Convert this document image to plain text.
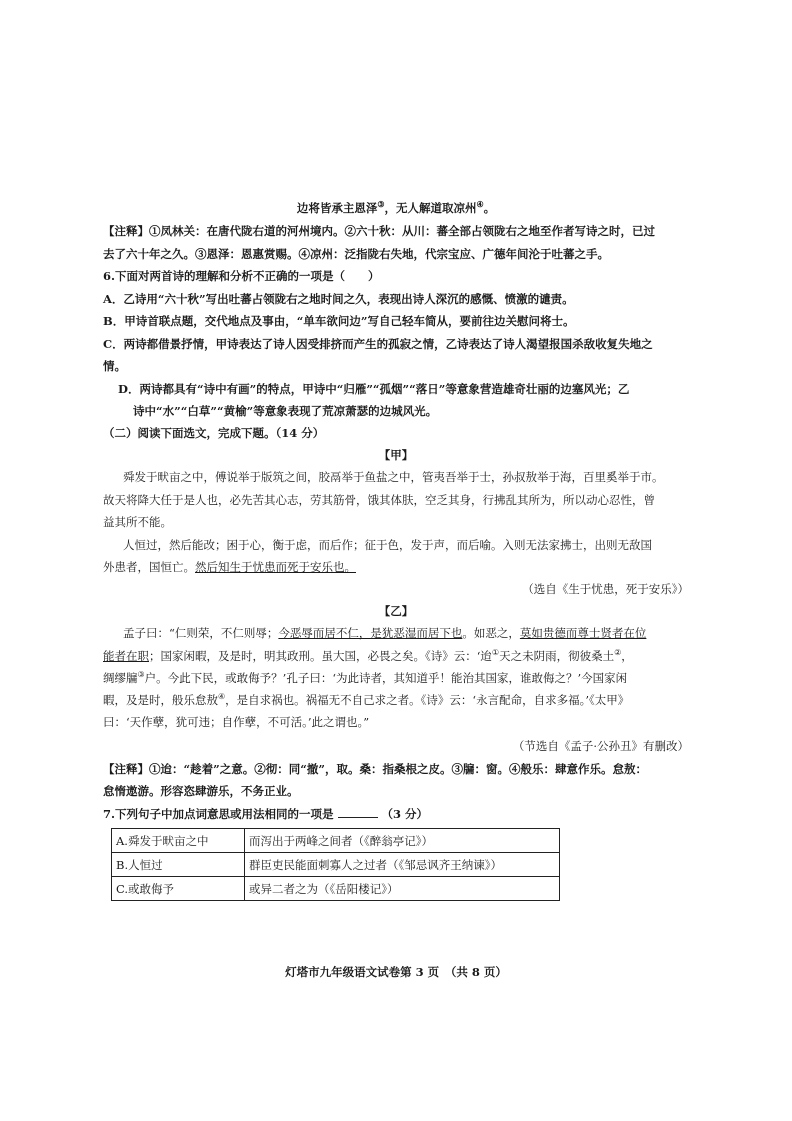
边将皆承主恩泽③，无人解道取凉州④。
【注释】①凤林关：在唐代陇右道的河州境内。②六十秋：从川：蕃全部占领陇右之地至作者写诗之时，已过
去了六十年之久。③恩泽：恩惠赏赐。④凉州：泛指陇右失地，代宗宝应、广德年间沦于吐蕃之手。
6.下面对两首诗的理解和分析不正确的一项是（　　）
A．乙诗用“六十秋”写出吐蕃占领陇右之地时间之久，表现出诗人深沉的感慨、愤激的谴责。
B．甲诗首联点题，交代地点及事由，“单车欲问边”写自己轻车简从，要前往边关慰问将士。
C．两诗都借景抒情，甲诗表达了诗人因受排挤而产生的孤寂之情，乙诗表达了诗人渴望报国杀敌收复失地之
情。
D．两诗都具有“诗中有画”的特点，甲诗中“归雁”“孤烟”“落日”等意象营造雄奇壮丽的边塞风光；乙
诗中“水”“白草”“黄榆”等意象表现了荒凉萧瑟的边城风光。
（二）阅读下面选文，完成下题。（14 分）
【甲】
舜发于畎亩之中，傅说举于版筑之间，胶鬲举于鱼盐之中，管夷吾举于士，孙叔敖举于海，百里奚举于市。
故天将降大任于是人也，必先苦其心志，劳其筋骨，饿其体肤，空乏其身，行拂乱其所为，所以动心忍性，曾
益其所不能。
人恒过，然后能改；困于心，衡于虑，而后作；征于色，发于声，而后喻。入则无法家拂士，出则无敌国
外患者，国恒亡。然后知生于忧患而死于安乐也。
（选自《生于忧患，死于安乐》）
【乙】
孟子曰：“仁则荣，不仁则辱；今恶辱而居不仁，是犹恶湿而居下也。如恶之，莫如贵德而尊士贤者在位
能者在职；国家闲暇，及是时，明其政刑。虽大国，必畏之矣。《诗》云：‘迨①天之未阴雨，彻彼桑土②，
绸缪牖③户。今此下民，或敢侮予？’孔子曰：‘为此诗者，其知道乎！能治其国家，谁敢侮之？’今国家闲
暇，及是时，般乐怠敖④，是自求祸也。祸福无不自己求之者。《诗》云：‘永言配命，自求多福。’《太甲》
曰：‘天作孽，犹可违；自作孽，不可活。’此之谓也。”
（节选自《孟子·公孙丑》有删改）
【注释】①迨：“趁着”之意。②彻：同“撤”，取。桑：指桑根之皮。③牖：窗。④般乐：肆意作乐。怠敖：
怠惰遨游。形容恣肆游乐，不务正业。
7.下列句子中加点词意思或用法相同的一项是	（3 分）
A.舜发于畎亩之中	而泻出于两峰之间者（《醉翁亭记》）
B.人恒过	群臣吏民能面刺寡人之过者（《邹忌讽齐王纳谏》）
C.或敢侮予	或异二者之为（《岳阳楼记》）
灯塔市九年级语文试卷第 3 页　（共 8 页）
